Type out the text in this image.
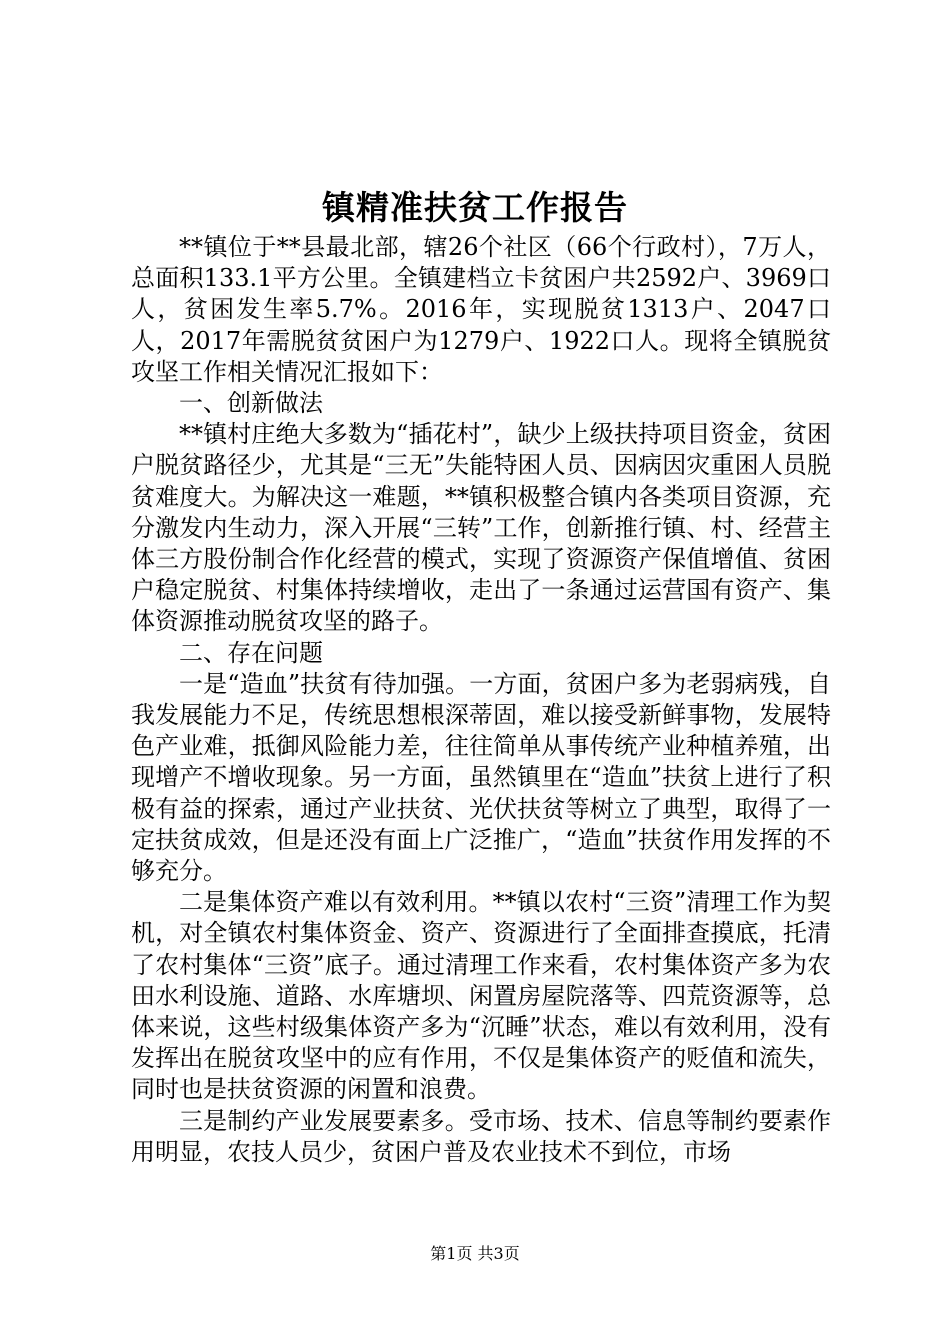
镇精准扶贫工作报告

**镇位于**县最北部，辖26个社区（66个行政村），7万人，总面积133.1平方公里。全镇建档立卡贫困户共2592户、3969口人，贫困发生率5.7%。2016年，实现脱贫1313户、2047口人，2017年需脱贫贫困户为1279户、1922口人。现将全镇脱贫攻坚工作相关情况汇报如下：

一、创新做法

**镇村庄绝大多数为“插花村”，缺少上级扶持项目资金，贫困户脱贫路径少，尤其是“三无”失能特困人员、因病因灾重困人员脱贫难度大。为解决这一难题，**镇积极整合镇内各类项目资源，充分激发内生动力，深入开展“三转”工作，创新推行镇、村、经营主体三方股份制合作化经营的模式，实现了资源资产保值增值、贫困户稳定脱贫、村集体持续增收，走出了一条通过运营国有资产、集体资源推动脱贫攻坚的路子。

二、存在问题

一是“造血”扶贫有待加强。一方面，贫困户多为老弱病残，自我发展能力不足，传统思想根深蒂固，难以接受新鲜事物，发展特色产业难，抵御风险能力差，往往简单从事传统产业种植养殖，出现增产不增收现象。另一方面，虽然镇里在“造血”扶贫上进行了积极有益的探索，通过产业扶贫、光伏扶贫等树立了典型，取得了一定扶贫成效，但是还没有面上广泛推广，“造血”扶贫作用发挥的不够充分。

二是集体资产难以有效利用。**镇以农村“三资”清理工作为契机，对全镇农村集体资金、资产、资源进行了全面排查摸底，托清了农村集体“三资”底子。通过清理工作来看，农村集体资产多为农田水利设施、道路、水库塘坝、闲置房屋院落等、四荒资源等，总体来说，这些村级集体资产多为“沉睡”状态，难以有效利用，没有发挥出在脱贫攻坚中的应有作用，不仅是集体资产的贬值和流失，同时也是扶贫资源的闲置和浪费。

三是制约产业发展要素多。受市场、技术、信息等制约要素作用明显，农技人员少，贫困户普及农业技术不到位，市场

第1页 共3页
